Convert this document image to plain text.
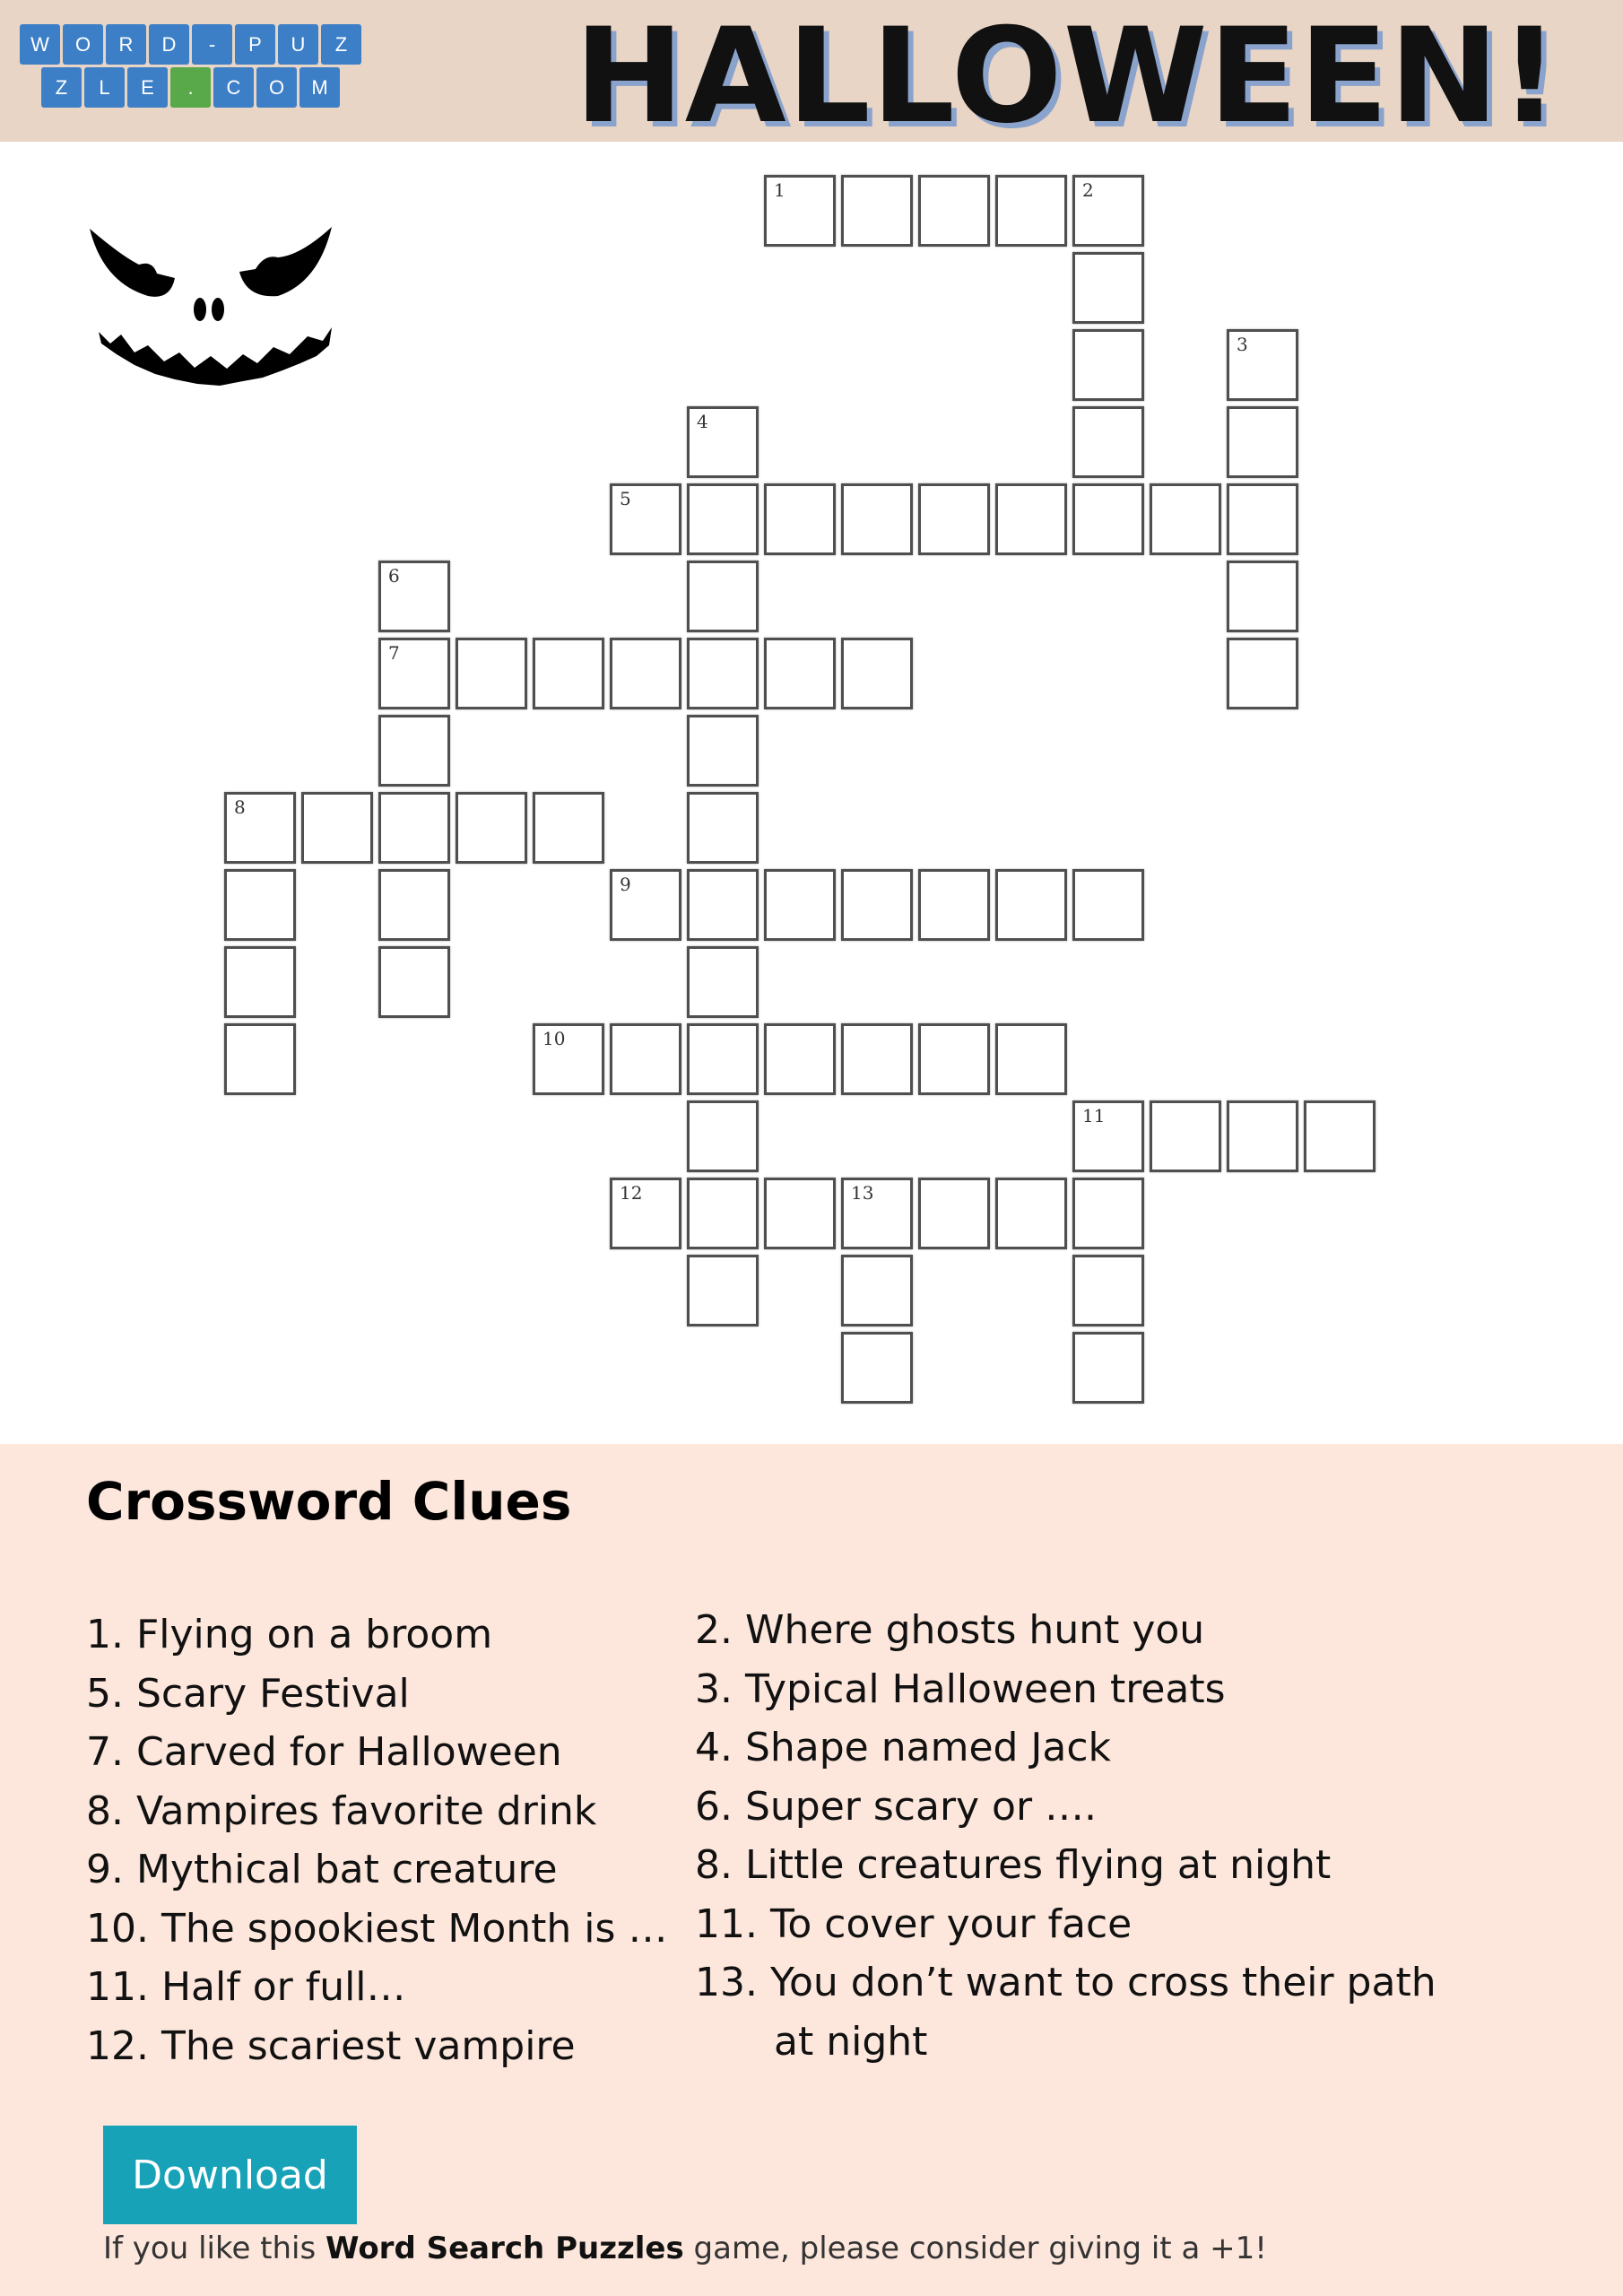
W	O	R	D	-	P	U	Z
Z	L	E	.	C	O	M HALLOWEEN!
1	2
3
4
5
6
7
8
9
10
11
12	13
Crossword Clues
1. Flying on a broom
5. Scary Festival
7. Carved for Halloween
8. Vampires favorite drink
9. Mythical bat creature
10. The spookiest Month is …
11. Half or full…
12. The scariest vampire
2. Where ghosts hunt you
3. Typical Halloween treats
4. Shape named Jack
6. Super scary or ….
8. Little creatures flying at night
11. To cover your face
13. You don’t want to cross their path
at night
Download
If you like this Word Search Puzzles game, please consider giving it a +1!
